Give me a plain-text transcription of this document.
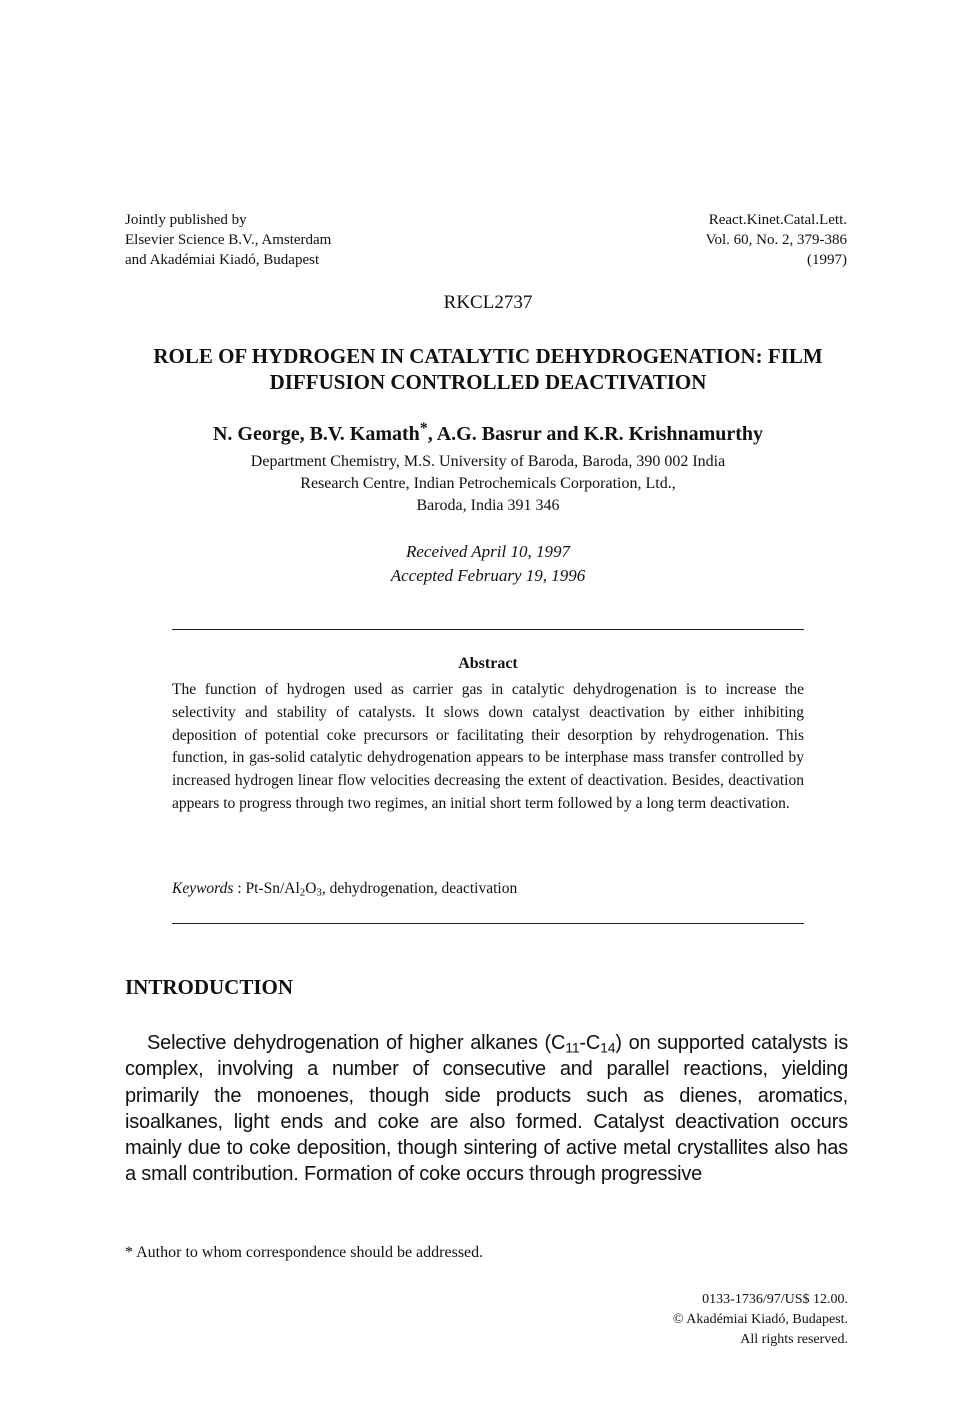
Jointly published by
Elsevier Science B.V., Amsterdam
and Akadémiai Kiadó, Budapest
React.Kinet.Catal.Lett.
Vol. 60, No. 2, 379-386
(1997)
RKCL2737
ROLE OF HYDROGEN IN CATALYTIC DEHYDROGENATION: FILM
DIFFUSION CONTROLLED DEACTIVATION
N. George, B.V. Kamath*, A.G. Basrur and K.R. Krishnamurthy
Department Chemistry, M.S. University of Baroda, Baroda, 390 002 India
Research Centre, Indian Petrochemicals Corporation, Ltd.,
Baroda, India 391 346
Received April 10, 1997
Accepted February 19, 1996
Abstract
The function of hydrogen used as carrier gas in catalytic dehydrogenation is to increase the selectivity and stability of catalysts. It slows down catalyst deactivation by either inhibiting deposition of potential coke precursors or facilitating their desorption by rehydrogenation. This function, in gas-solid catalytic dehydrogenation appears to be interphase mass transfer controlled by increased hydrogen linear flow velocities decreasing the extent of deactivation. Besides, deactivation appears to progress through two regimes, an initial short term followed by a long term deactivation.
Keywords : $Pt-Sn/Al_2O_3$, dehydrogenation, deactivation
INTRODUCTION
Selective dehydrogenation of higher alkanes $(C_{11}-C_{14})$ on supported catalysts is complex, involving a number of consecutive and parallel reactions, yielding primarily the monoenes, though side products such as dienes, aromatics, isoalkanes, light ends and coke are also formed. Catalyst deactivation occurs mainly due to coke deposition, though sintering of active metal crystallites also has a small contribution. Formation of coke occurs through progressive
* Author to whom correspondence should be addressed.
0133-1736/97/US$ 12.00.
© Akadémiai Kiadó, Budapest.
All rights reserved.
